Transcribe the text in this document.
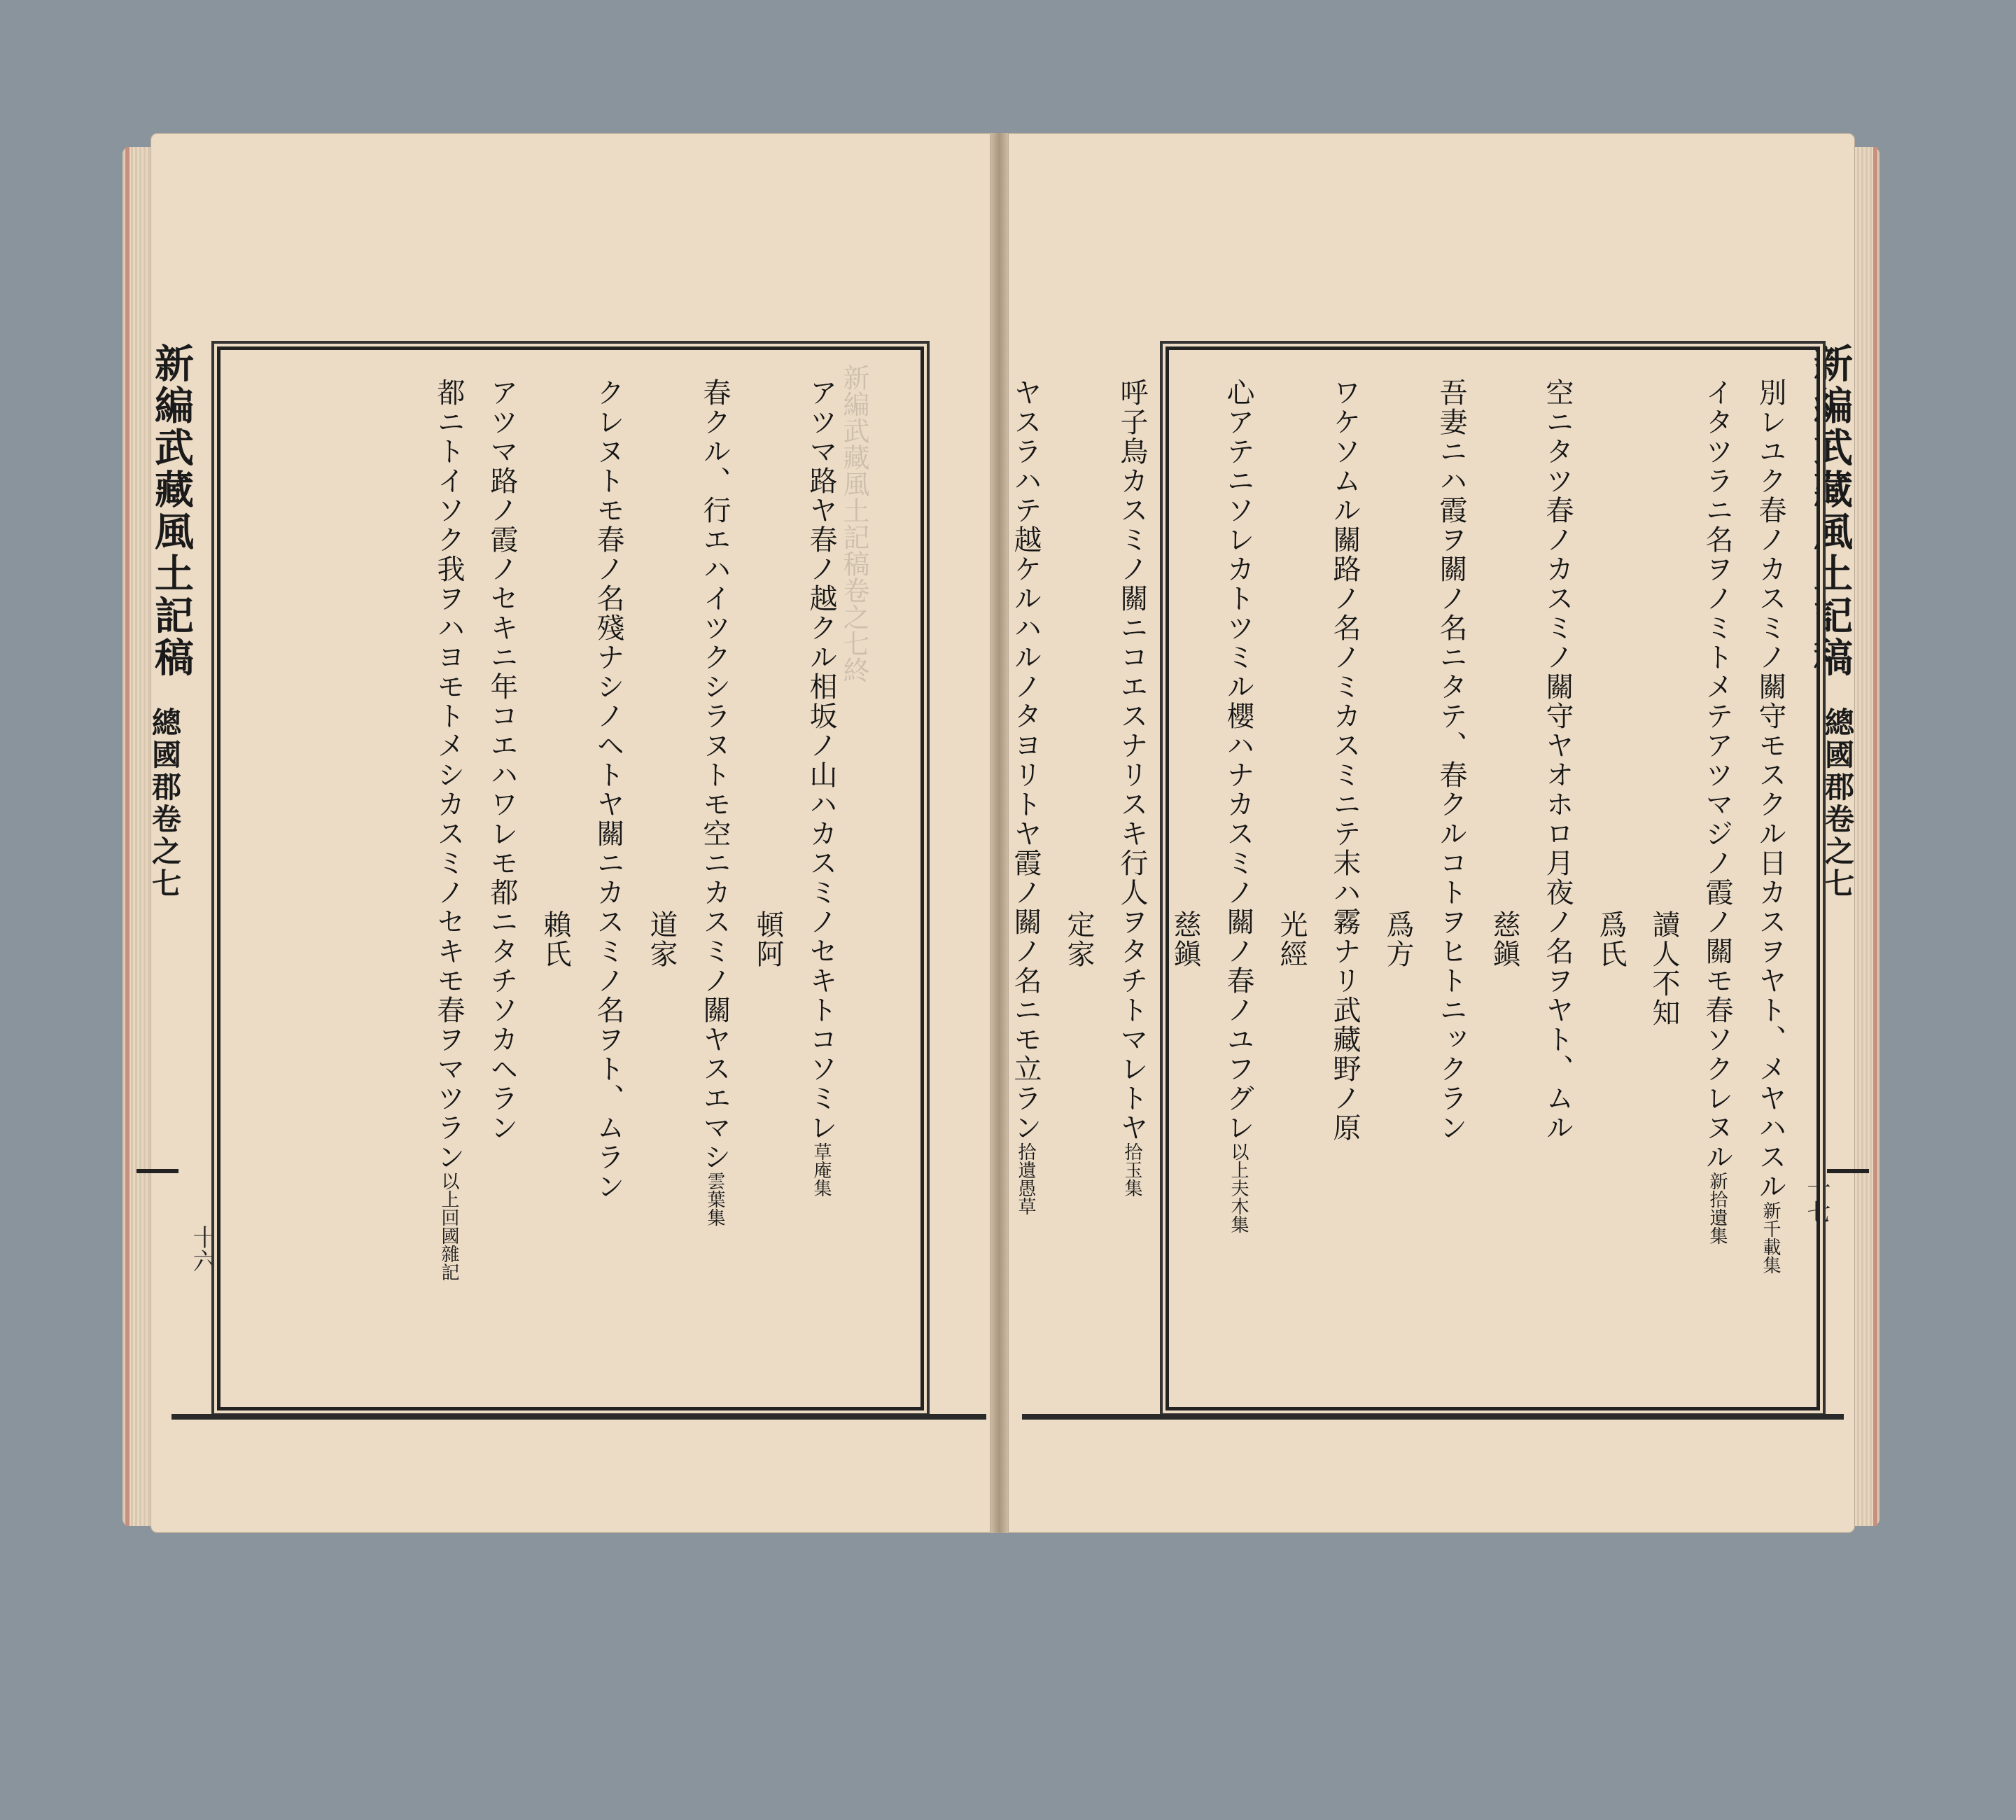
新編武藏風土記稿
總國郡卷之七
十六
新編武藏風土記稿卷之七終
アツマ路ヤ春ノ越クル相坂ノ山ハカスミノセキトコソミレ草庵集
頓阿
春クル、行エハイツクシラヌトモ空ニカスミノ關ヤスエマシ雲葉集
道家
クレヌトモ春ノ名殘ナシノヘトヤ關ニカスミノ名ヲト、ムラン
賴氏
アツマ路ノ霞ノセキニ年コエハワレモ都ニタチソカヘラン
都ニトイソク我ヲハヨモトメシカスミノセキモ春ヲマツラン以上回國雜記
新編武藏風土記稿
總國郡卷之七
十七
別レユク春ノカスミノ關守モスクル日カスヲヤト、メヤハスル新千載集
イタツラニ名ヲノミトメテアツマジノ霞ノ關モ春ソクレヌル新拾遺集
讀人不知
爲氏
空ニタツ春ノカスミノ關守ヤオホロ月夜ノ名ヲヤト、ムル
慈鎭
吾妻ニハ霞ヲ關ノ名ニタテ、春クルコトヲヒトニックラン
爲方
ワケソムル關路ノ名ノミカスミニテ末ハ霧ナリ武藏野ノ原
光經
心アテニソレカトツミル櫻ハナカスミノ關ノ春ノユフグレ以上夫木集
慈鎭
呼子鳥カスミノ關ニコエスナリスキ行人ヲタチトマレトヤ拾玉集
定家
ヤスラハテ越ケルハルノタヨリトヤ霞ノ關ノ名ニモ立ラン拾遺愚草
